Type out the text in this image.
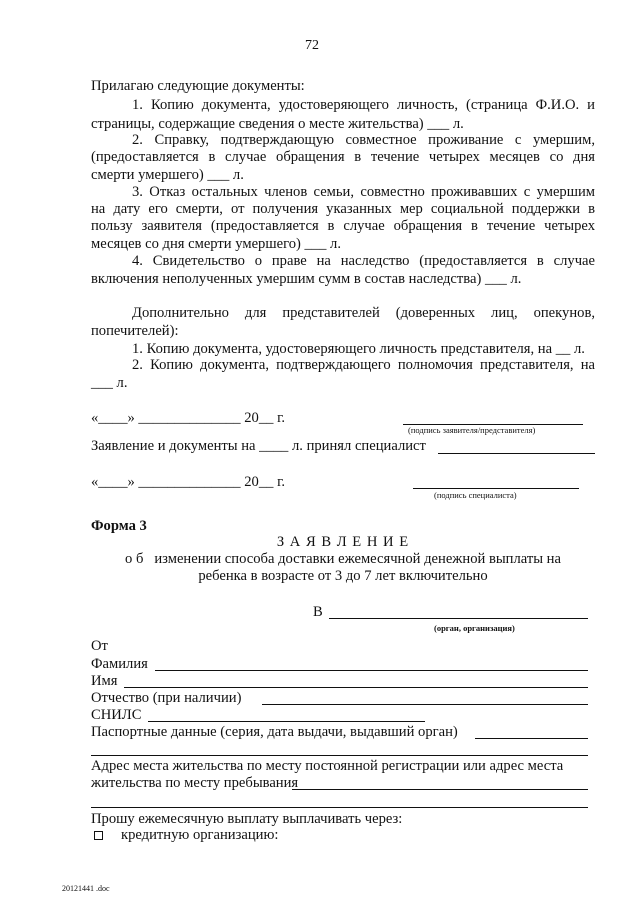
72
Прилагаю следующие документы:
1. Копию документа, удостоверяющего личность, (страница Ф.И.О. и
страницы, содержащие сведения о месте жительства) ___ л.
2. Справку, подтверждающую совместное проживание с умершим,
(предоставляется в случае обращения в течение четырех месяцев со дня
смерти умершего) ___ л.
3. Отказ остальных членов семьи, совместно проживавших с умершим
на дату его смерти, от получения указанных мер социальной поддержки в
пользу заявителя (предоставляется в случае обращения в течение четырех
месяцев со дня смерти умершего) ___ л.
4. Свидетельство о праве на наследство (предоставляется в случае
включения неполученных умершим сумм в состав наследства) ___ л.
Дополнительно для представителей (доверенных лиц, опекунов,
попечителей):
1. Копию документа, удостоверяющего личность представителя, на __ л.
2. Копию документа, подтверждающего полномочия представителя, на
___ л.
«____» ______________ 20__ г.
(подпись заявителя/представителя)
Заявление и документы на ____ л. принял специалист
«____» ______________ 20__ г.
(подпись специалиста)
Форма 3
З А Я В Л Е Н И Е
о б   изменении способа доставки ежемесячной денежной выплаты на
ребенка в возрасте от 3 до 7 лет включительно
В
(орган, организация)
От
Фамилия
Имя
Отчество (при наличии)
СНИЛС
Паспортные данные (серия, дата выдачи, выдавший орган)
Адрес места жительства по месту постоянной регистрации или адрес места
жительства по месту пребывания
Прошу ежемесячную выплату выплачивать через:
кредитную организацию:
20121441 .doc
